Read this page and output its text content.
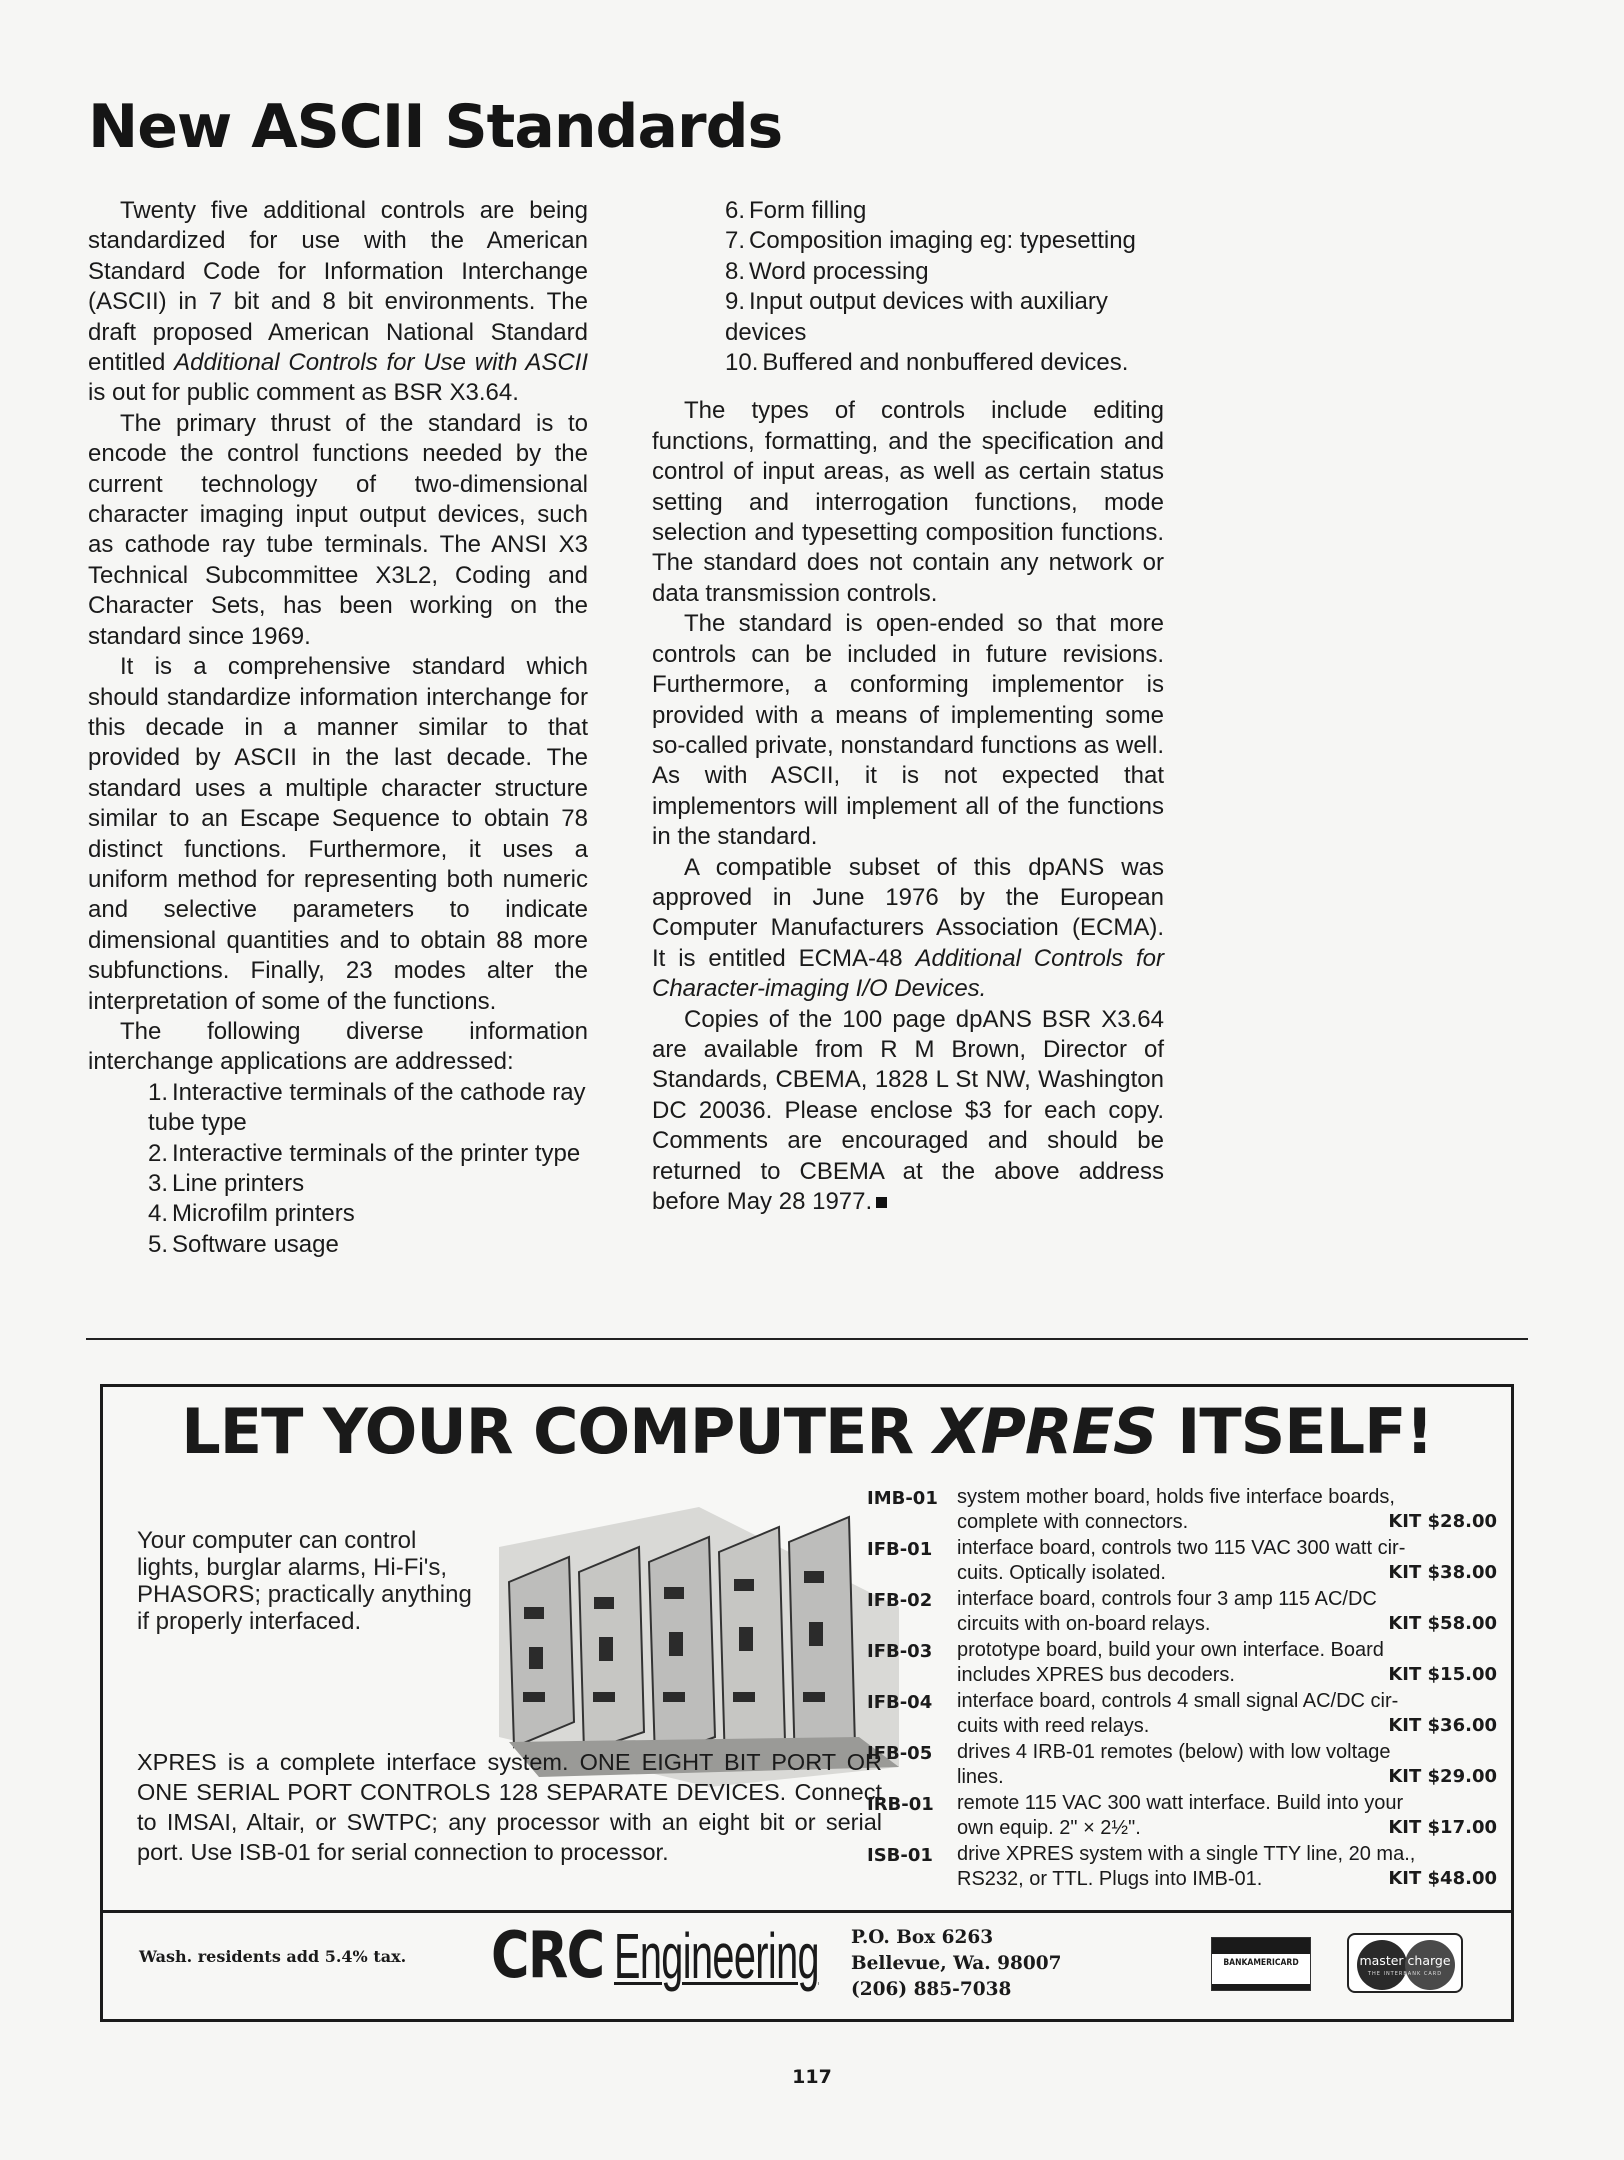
New ASCII Standards

Twenty five additional controls are being standardized for use with the American Standard Code for Information Interchange (ASCII) in 7 bit and 8 bit environments. The draft proposed American National Standard entitled Additional Controls for Use with ASCII is out for public comment as BSR X3.64.

The primary thrust of the standard is to encode the control functions needed by the current technology of two-dimensional character imaging input output devices, such as cathode ray tube terminals. The ANSI X3 Technical Subcommittee X3L2, Coding and Character Sets, has been working on the standard since 1969.

It is a comprehensive standard which should standardize information interchange for this decade in a manner similar to that provided by ASCII in the last decade. The standard uses a multiple character structure similar to an Escape Sequence to obtain 78 distinct functions. Furthermore, it uses a uniform method for representing both numeric and selective parameters to indicate dimensional quantities and to obtain 88 more subfunctions. Finally, 23 modes alter the interpretation of some of the functions.

The following diverse information interchange applications are addressed:

1. Interactive terminals of the cathode ray tube type
2. Interactive terminals of the printer type
3. Line printers
4. Microfilm printers
5. Software usage
6. Form filling
7. Composition imaging eg: typesetting
8. Word processing
9. Input output devices with auxiliary devices
10. Buffered and nonbuffered devices.

The types of controls include editing functions, formatting, and the specification and control of input areas, as well as certain status setting and interrogation functions, mode selection and typesetting composition functions. The standard does not contain any network or data transmission controls.

The standard is open-ended so that more controls can be included in future revisions. Furthermore, a conforming implementor is provided with a means of implementing some so-called private, nonstandard functions as well. As with ASCII, it is not expected that implementors will implement all of the functions in the standard.

A compatible subset of this dpANS was approved in June 1976 by the European Computer Manufacturers Association (ECMA). It is entitled ECMA-48 Additional Controls for Character-imaging I/O Devices.

Copies of the 100 page dpANS BSR X3.64 are available from R M Brown, Director of Standards, CBEMA, 1828 L St NW, Washington DC 20036. Please enclose $3 for each copy. Comments are encouraged and should be returned to CBEMA at the above address before May 28 1977.

LET YOUR COMPUTER XPRES ITSELF!
Your computer can control lights, burglar alarms, Hi-Fi's, PHASORS; practically anything if properly interfaced.
XPRES is a complete interface system. ONE EIGHT BIT PORT OR ONE SERIAL PORT CONTROLS 128 SEPARATE DEVICES. Connect to IMSAI, Altair, or SWTPC; any processor with an eight bit or serial port. Use ISB-01 for serial connection to processor.
IMB-01 system mother board, holds five interface boards,
complete with connectors.	KIT $28.00
IFB-01	interface board, controls two 115 VAC 300 watt cir-
cuits. Optically isolated.	KIT $38.00
IFB-02	interface board, controls four 3 amp 115 AC/DC
circuits with on-board relays.	KIT $58.00
IFB-03	prototype board, build your own interface. Board
includes XPRES bus decoders.	KIT $15.00
IFB-04	interface board, controls 4 small signal AC/DC cir-
cuits with reed relays.	KIT $36.00
IFB-05	drives 4 IRB-01 remotes (below) with low voltage
lines.	KIT $29.00
IRB-01	remote 115 VAC 300 watt interface. Build into your
own equip. 2" × 2½".	KIT $17.00
ISB-01	drive XPRES system with a single TTY line, 20 ma.,
RS232, or TTL. Plugs into IMB-01.	KIT $48.00
Wash. residents add 5.4% tax. CRC Engineering P.O. Box 6263
Bellevue, Wa. 98007
(206) 885-7038
BANKAMERICARD	master charge
THE INTERBANK CARD
117
